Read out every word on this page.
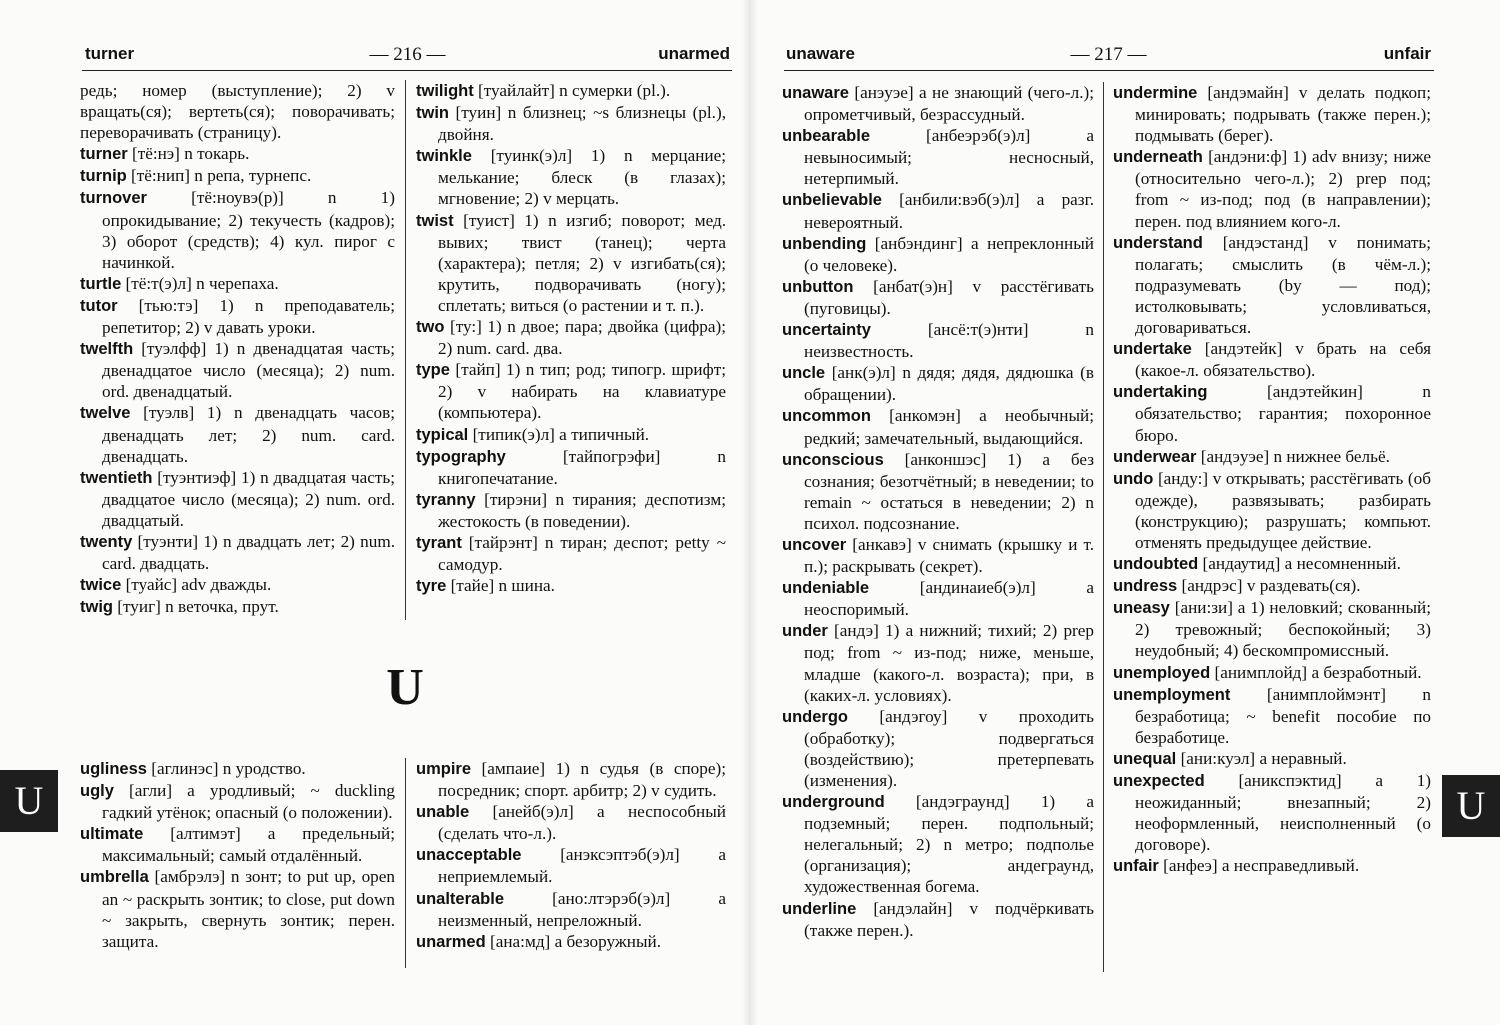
turner	— 216 —	unarmed	unaware	— 217 —	unfair

редь; номер (выступление); 2) v вращать(ся); вертеть(ся); поворачивать; переворачивать (страницу).

turner [тё:нэ] n токарь.

turnip [тё:нип] n репа, турнепс.

turnover	[тё:ноувэ(р)] n 1) опрокидывание; 2) текучесть (кадров); 3) оборот (средств); 4) кул. пирог с начинкой.

turtle [тё:т(э)л] n черепаха.

tutor [тью:тэ] 1) n преподаватель; репетитор; 2) v давать уроки.

twelfth [туэлфф] 1) n двенадцатая часть; двенадцатое число (месяца); 2) num. ord. двенадцатый.

twelve [туэлв] 1) n двенадцать часов; двенадцать лет; 2) num. card. двенадцать.

twentieth [туэнтиэф] 1) n двадцатая часть; двадцатое число (месяца); 2) num. ord. двадцатый.

twenty [туэнти] 1) n двадцать лет; 2) num. card. двадцать.

twice [туайс] adv дважды.

twig [туиг] n веточка, прут.

twilight [туайлайт] n сумерки (pl.).

twin [туин] n близнец; ~s близнецы (pl.), двойня.

twinkle [туинк(э)л] 1) n мерцание; мелькание; блеск (в глазах); мгновение; 2) v мерцать.

twist [туист] 1) n изгиб; поворот; мед. вывих; твист (танец); черта (характера); петля; 2) v изгибать(ся); крутить, подворачивать (ногу); сплетать; виться (о растении и т. п.).

two [ту:] 1) n двое; пара; двойка (цифра); 2) num. card. два.

type [тайп] 1) n тип; род; типогр. шрифт; 2) v набирать на клавиатуре (компьютера).

typical [типик(э)л] a типичный.

typography	[тайпогрэфи] n книгопечатание.

tyranny [тирэни] n тирания; деспотизм; жестокость (в поведении).

tyrant [тайрэнт] n тиран; деспот; petty ~ самодур.

tyre [тайе] n шина.

U

ugliness [аглинэс] n уродство.

ugly [агли] a уродливый; ~ duckling гадкий утёнок; опасный (о положении).

ultimate [алтимэт] a предельный; максимальный; самый отдалённый.

umbrella [амбрэлэ] n зонт; to put up, open an ~ раскрыть зонтик; to close, put down ~ закрыть, свернуть зонтик; перен. защита.

umpire [ампаие] 1) n судья (в споре); посредник; спорт. арбитр; 2) v судить.

unable [анейб(э)л] a неспособный (сделать что-л.).

unacceptable [анэксэптэб(э)л] a неприемлемый.

unalterable	[ано:лтэрэб(э)л] a неизменный, непреложный.

unarmed [ана:мд] a безоружный.

unaware [анэуэе] a не знающий (чего-л.); опрометчивый, безрассудный.

unbearable	[анбеэрэб(э)л] a невыносимый; несносный, нетерпимый.

unbelievable [анбили:вэб(э)л] a разг. невероятный.

unbending [анбэндинг] a непреклонный (о человеке).

unbutton [анбат(э)н] v расстёгивать (пуговицы).

uncertainty	[ансё:т(э)нти] n неизвестность.

uncle [анк(э)л] n дядя; дядя, дядюшка (в обращении).

uncommon [анкомэн] a необычный; редкий; замечательный, выдающийся.

unconscious [анконшэс] 1) a без сознания; безотчётный; в неведении; to remain ~ остаться в неведении; 2) n психол. подсознание.

uncover [анкавэ] v снимать (крышку и т. п.); раскрывать (секрет).

undeniable	[андинаиеб(э)л] a неоспоримый.

under [андэ] 1) a нижний; тихий; 2) prep под; from ~ из-под; ниже, меньше, младше (какого-л. возраста); при, в (каких-л. условиях).

undergo [андэгоу] v проходить (обработку); подвергаться (воздействию); претерпевать (изменения).

underground [андэграунд] 1) a подземный; перен. подпольный; нелегальный; 2) n метро; подполье (организация); андеграунд, художественная богема.

underline [андэлайн] v подчёркивать (также перен.).

undermine [андэмайн] v делать подкоп; минировать; подрывать (также перен.); подмывать (берег).

underneath [андэни:ф] 1) adv внизу; ниже (относительно чего-л.); 2) prep под; from ~ из-под; под (в направлении); перен. под влиянием кого-л.

understand [андэстанд] v понимать; полагать; смыслить (в чём-л.); подразумевать (by — под); истолковывать; условливаться, договариваться.

undertake [андэтейк] v брать на себя (какое-л. обязательство).

undertaking	[андэтейкин] n обязательство; гарантия; похоронное бюро.

underwear [андэуэе] n нижнее бельё.

undo [анду:] v открывать; расстёгивать (об одежде), развязывать; разбирать (конструкцию); разрушать; компьют. отменять предыдущее действие.

undoubted [андаутид] a несомненный.

undress [андрэс] v раздевать(ся).

uneasy [ани:зи] a 1) неловкий; скованный; 2) тревожный; беспокойный; 3) неудобный; 4) бескомпромиссный.

unemployed [анимплойд] a безработный.

unemployment [анимплоймэнт] n безработица; ~ benefit пособие по безработице.

unequal [ани:куэл] a неравный.

unexpected [аникспэктид] a 1) неожиданный; внезапный; 2) неоформленный, неисполненный (о договоре).

unfair [анфеэ] a несправедливый.

U	U
